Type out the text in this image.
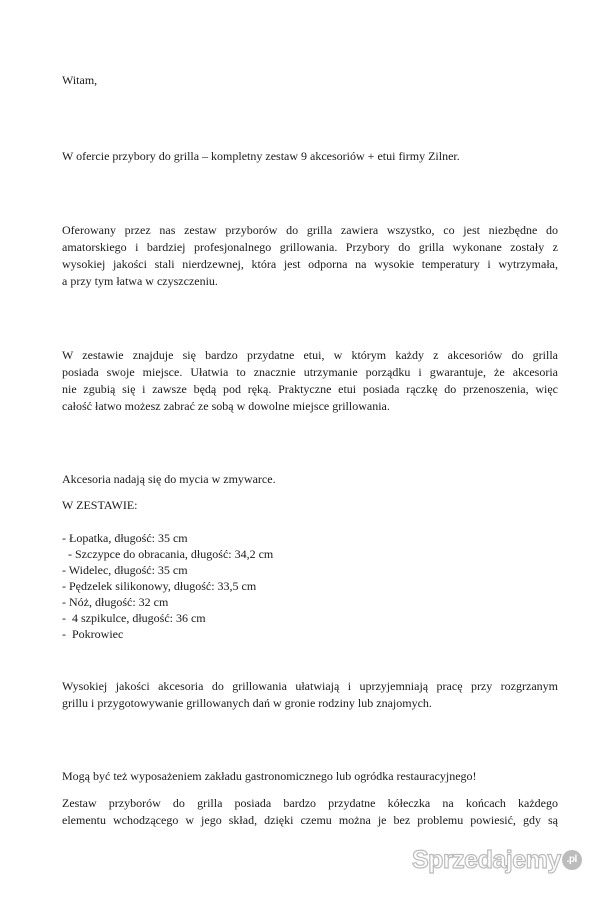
Witam,
W ofercie przybory do grilla – kompletny zestaw 9 akcesoriów + etui firmy Zilner.
Oferowany przez nas zestaw przyborów do grilla zawiera wszystko, co jest niezbędne do
amatorskiego i bardziej profesjonalnego grillowania. Przybory do grilla wykonane zostały z
wysokiej jakości stali nierdzewnej, która jest odporna na wysokie temperatury i wytrzymała,
a przy tym łatwa w czyszczeniu.
W zestawie znajduje się bardzo przydatne etui, w którym każdy z akcesoriów do grilla
posiada swoje miejsce. Ułatwia to znacznie utrzymanie porządku i gwarantuje, że akcesoria
nie zgubią się i zawsze będą pod ręką. Praktyczne etui posiada rączkę do przenoszenia, więc
całość łatwo możesz zabrać ze sobą w dowolne miejsce grillowania.
Akcesoria nadają się do mycia w zmywarce.
W ZESTAWIE:
- Łopatka, długość: 35 cm
- Szczypce do obracania, długość: 34,2 cm
- Widelec, długość: 35 cm
- Pędzelek silikonowy, długość: 33,5 cm
- Nóż, długość: 32 cm
-  4 szpikulce, długość: 36 cm
-  Pokrowiec
Wysokiej jakości akcesoria do grillowania ułatwiają i uprzyjemniają pracę przy rozgrzanym
grillu i przygotowywanie grillowanych dań w gronie rodziny lub znajomych.
Mogą być też wyposażeniem zakładu gastronomicznego lub ogródka restauracyjnego!
Zestaw przyborów do grilla posiada bardzo przydatne kółeczka na końcach każdego
elementu wchodzącego w jego skład, dzięki czemu można je bez problemu powiesić, gdy są
Sprzedajemy .pl
